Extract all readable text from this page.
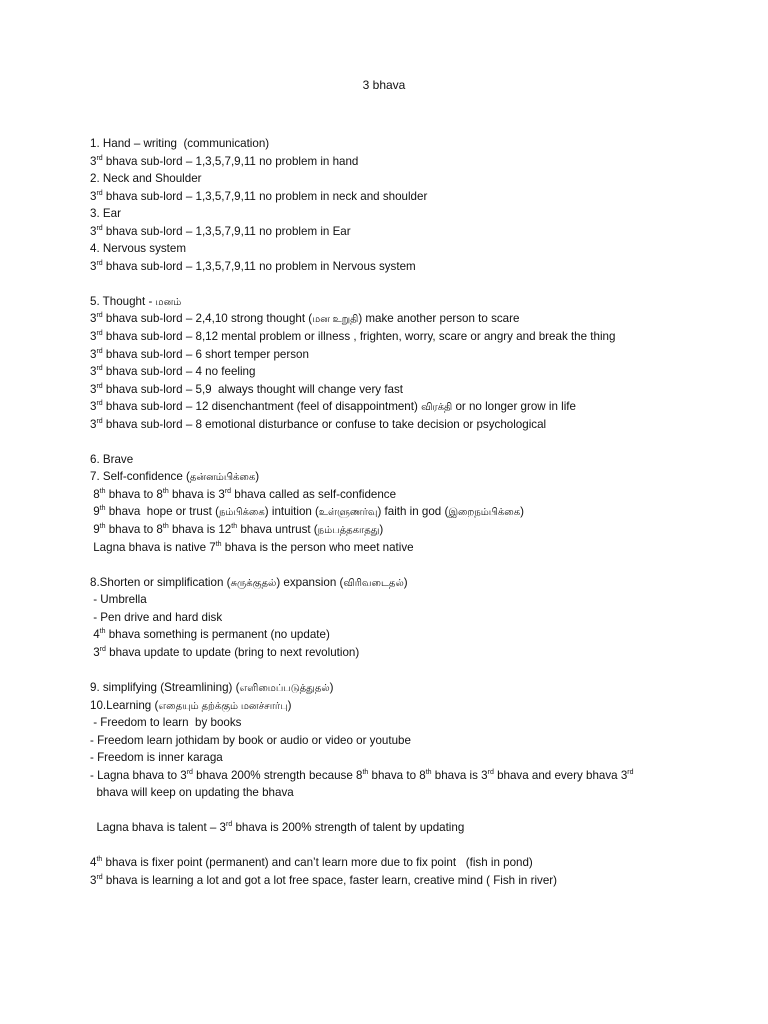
3 bhava
1. Hand – writing  (communication)
3rd bhava sub-lord – 1,3,5,7,9,11 no problem in hand
2. Neck and Shoulder
3rd bhava sub-lord – 1,3,5,7,9,11 no problem in neck and shoulder
3. Ear
3rd bhava sub-lord – 1,3,5,7,9,11 no problem in Ear
4. Nervous system
3rd bhava sub-lord – 1,3,5,7,9,11 no problem in Nervous system
5. Thought - மனம்
3rd bhava sub-lord – 2,4,10 strong thought (மன உறுதி) make another person to scare
3rd bhava sub-lord – 8,12 mental problem or illness , frighten, worry, scare or angry and break the thing
3rd bhava sub-lord – 6 short temper person
3rd bhava sub-lord – 4 no feeling
3rd bhava sub-lord – 5,9  always thought will change very fast
3rd bhava sub-lord – 12 disenchantment (feel of disappointment) விரக்தி or no longer grow in life
3rd bhava sub-lord – 8 emotional disturbance or confuse to take decision or psychological
6. Brave
7. Self-confidence (தன்னம்பிக்கை)
8th bhava to 8th bhava is 3rd bhava called as self-confidence
9th bhava  hope or trust (நம்பிக்கை) intuition (உள்ளுணர்வு) faith in god (இறைநம்பிக்கை)
9th bhava to 8th bhava is 12th bhava untrust (நம்பத்தகாதது)
Lagna bhava is native 7th bhava is the person who meet native
8.Shorten or simplification (சுருக்குதல்) expansion (விரிவடைதல்)
- Umbrella
- Pen drive and hard disk
4th bhava something is permanent (no update)
3rd bhava update to update (bring to next revolution)
9. simplifying (Streamlining) (எளிமைப்படுத்துதல்)
10.Learning (எதையும் தற்க்கும் மனச்சார்பு)
- Freedom to learn  by books
- Freedom learn jothidam by book or audio or video or youtube
- Freedom is inner karaga
- Lagna bhava to 3rd bhava 200% strength because 8th bhava to 8th bhava is 3rd bhava and every bhava 3rd
bhava will keep on updating the bhava
Lagna bhava is talent – 3rd bhava is 200% strength of talent by updating
4th bhava is fixer point (permanent) and can’t learn more due to fix point   (fish in pond)
3rd bhava is learning a lot and got a lot free space, faster learn, creative mind ( Fish in river)
